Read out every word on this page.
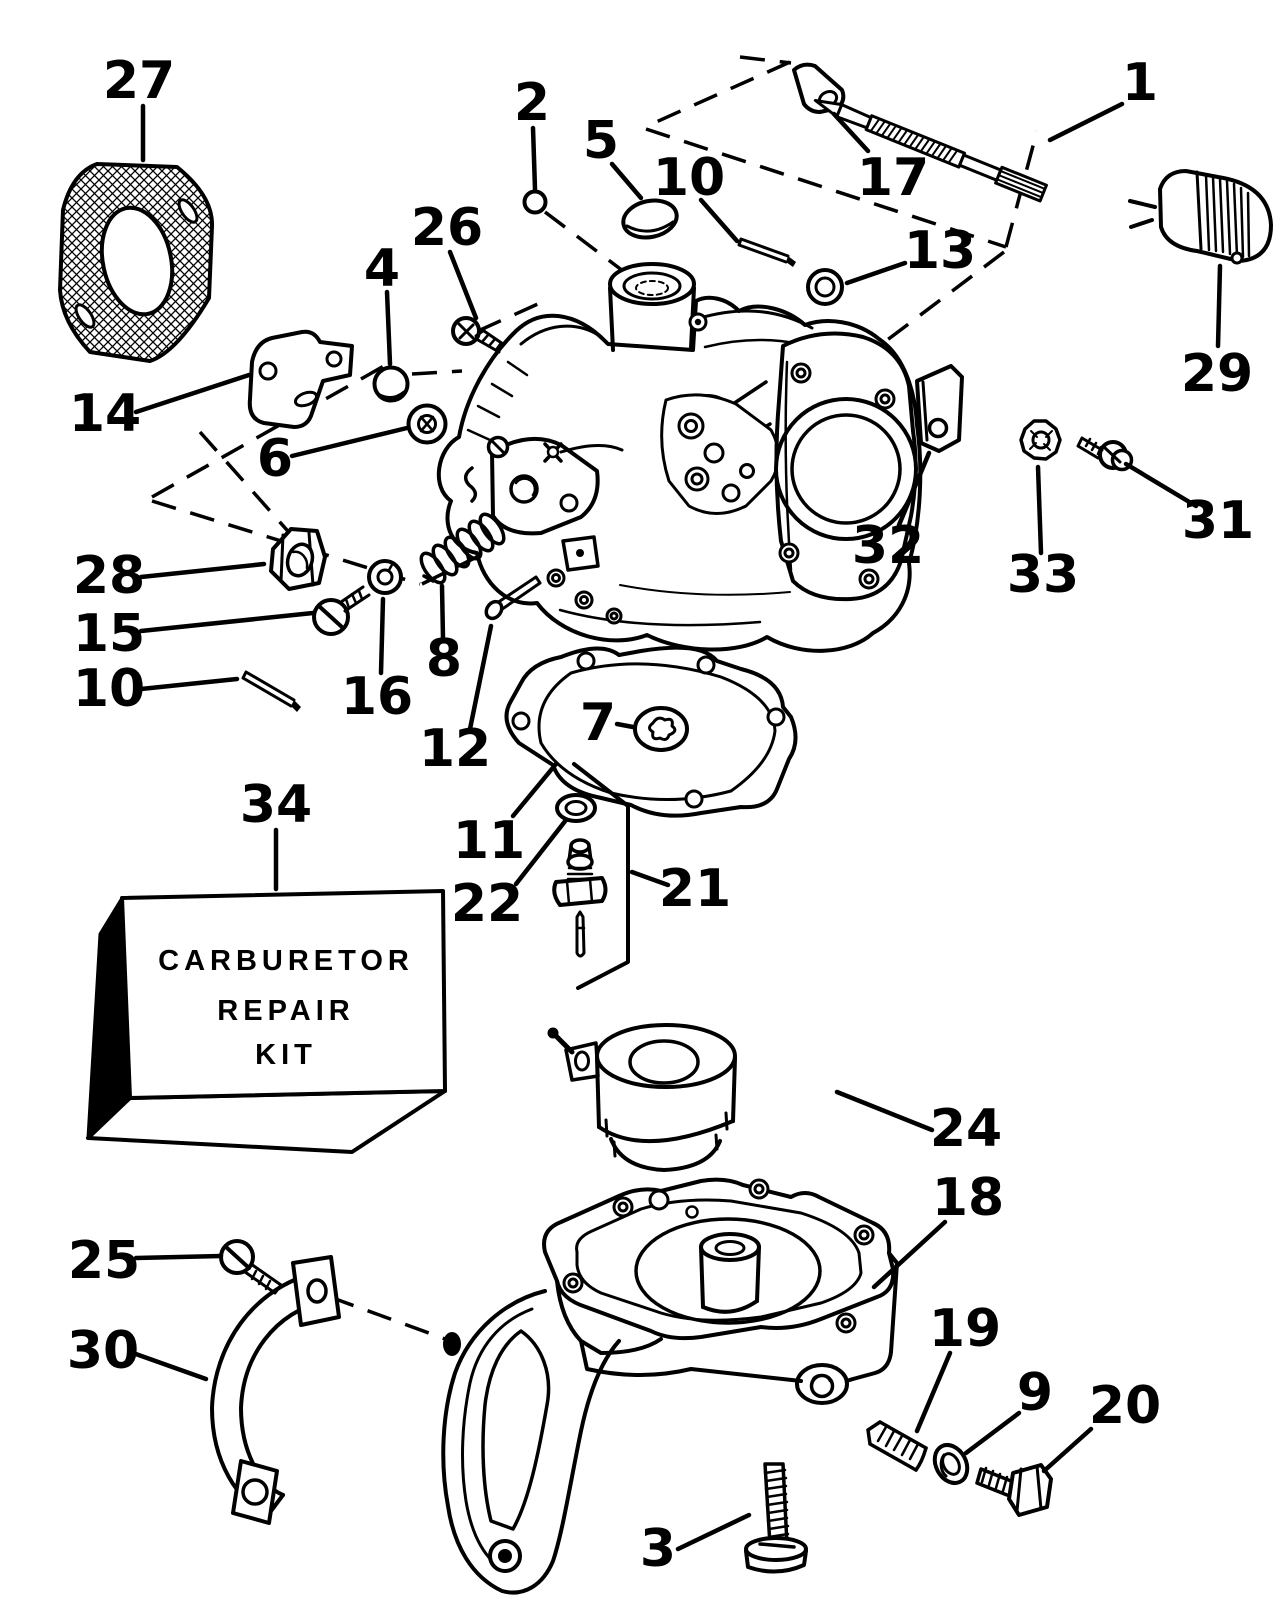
CARBURETOR
REPAIR
KIT
1
2
3
4
5
6
7
8
9
10
10
11
12
13
14
15
16
17
18
19
20
21
22
24
25
26
27
28
29
30
31
32 33
34
